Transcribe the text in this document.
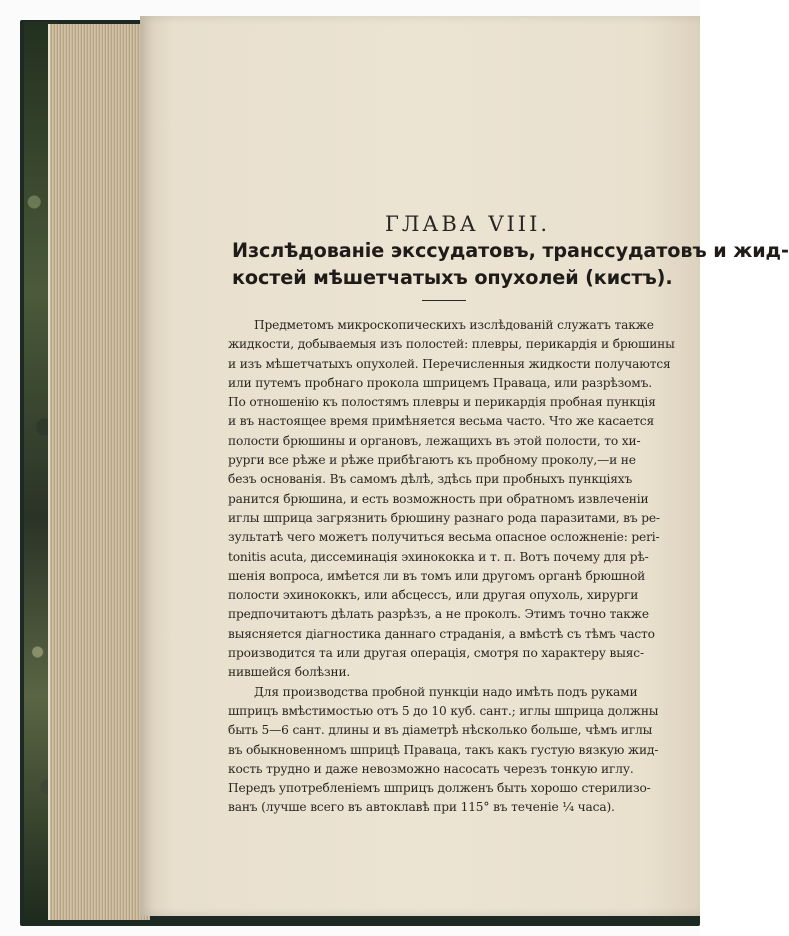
ГЛАВА VIII.
Изслѣдованіе экссудатовъ, транссудатовъ и жид-
костей мѣшетчатыхъ опухолей (кистъ).
Предметомъ микроскопическихъ изслѣдованій служатъ также
жидкости, добываемыя изъ полостей: плевры, перикардія и брюшины
и изъ мѣшетчатыхъ опухолей. Перечисленныя жидкости получаются
или путемъ пробнаго прокола шприцемъ Правацa, или разрѣзомъ.
По отношенію къ полостямъ плевры и перикардія пробная пункція
и въ настоящее время примѣняется весьма часто. Что же касается
полости брюшины и органовъ, лежащихъ въ этой полости, то хи-
рурги все рѣже и рѣже прибѣгаютъ къ пробному проколу,—и не
безъ основанія. Въ самомъ дѣлѣ, здѣсь при пробныхъ пункціяхъ
ранится брюшина, и есть возможность при обратномъ извлеченіи
иглы шприца загрязнить брюшину разнаго рода паразитами, въ ре-
зультатѣ чего можетъ получиться весьма опасное осложненіе: peri-
tonitis acuta, диссеминація эхинококка и т. п. Вотъ почему для рѣ-
шенія вопроса, имѣется ли въ томъ или другомъ органѣ брюшной
полости эхинококкъ, или абсцессъ, или другая опухоль, хирурги
предпочитаютъ дѣлать разрѣзъ, а не проколъ. Этимъ точно также
выясняется діагностика даннаго страданія, а вмѣстѣ съ тѣмъ часто
производится та или другая операція, смотря по характеру выяс-
нившейся болѣзни.
Для производства пробной пункціи надо имѣть подъ руками
шприцъ вмѣстимостью отъ 5 до 10 куб. сант.; иглы шприца должны
быть 5—6 сант. длины и въ діаметрѣ нѣсколько больше, чѣмъ иглы
въ обыкновенномъ шприцѣ Правацa, такъ какъ густую вязкую жид-
кость трудно и даже невозможно насосать черезъ тонкую иглу.
Передъ употребленіемъ шприцъ долженъ быть хорошо стерилизо-
ванъ (лучше всего въ автоклавѣ при 115° въ теченіе ¼ часа).
